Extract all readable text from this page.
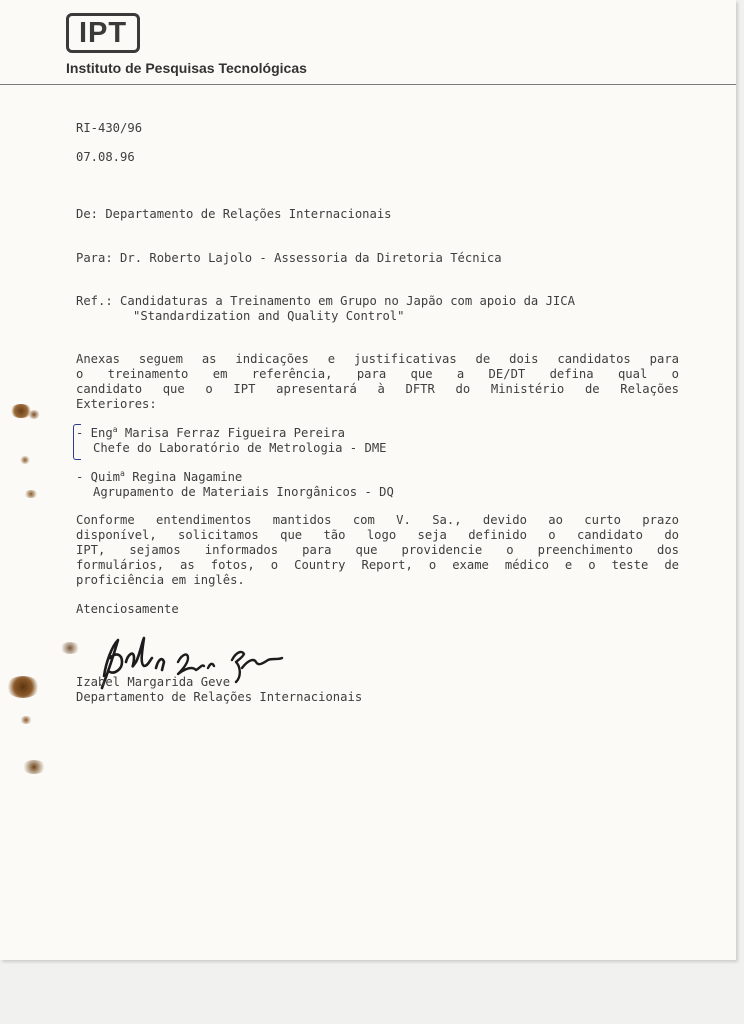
IPT
Instituto de Pesquisas Tecnológicas
RI-430/96
07.08.96
De: Departamento de Relações Internacionais
Para: Dr. Roberto Lajolo - Assessoria da Diretoria Técnica
Ref.: Candidaturas a Treinamento em Grupo no Japão com apoio da JICA
"Standardization and Quality Control"
Anexas seguem as indicações e justificativas de dois candidatos para
o treinamento em referência, para que a DE/DT defina qual o
candidato que o IPT apresentará à DFTR do Ministério de Relações
Exteriores:
- Eng$^a$ Marisa Ferraz Figueira Pereira
Chefe do Laboratório de Metrologia - DME
- Quim$^a$ Regina Nagamine
Agrupamento de Materiais Inorgânicos - DQ
Conforme entendimentos mantidos com V. Sa., devido ao curto prazo
disponível, solicitamos que tão logo seja definido o candidato do
IPT, sejamos informados para que providencie o preenchimento dos
formulários, as fotos, o Country Report, o exame médico e o teste de
proficiência em inglês.
Atenciosamente
Izabel Margarida Geve
Departamento de Relações Internacionais
